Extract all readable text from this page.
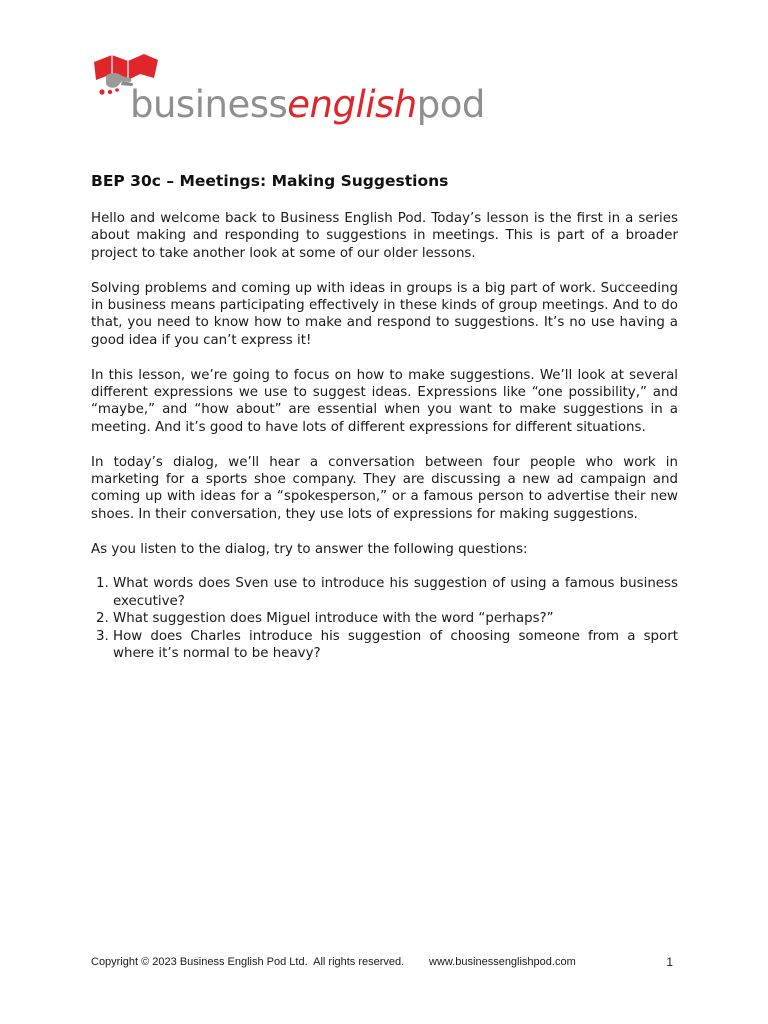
businessenglishpod
BEP 30c – Meetings: Making Suggestions

Hello and welcome back to Business English Pod. Today’s lesson is the first in a series about making and responding to suggestions in meetings. This is part of a broader project to take another look at some of our older lessons.

Solving problems and coming up with ideas in groups is a big part of work. Succeeding in business means participating effectively in these kinds of group meetings. And to do that, you need to know how to make and respond to suggestions. It’s no use having a good idea if you can’t express it!

In this lesson, we’re going to focus on how to make suggestions. We’ll look at several different expressions we use to suggest ideas. Expressions like “one possibility,” and “maybe,” and “how about” are essential when you want to make suggestions in a meeting. And it’s good to have lots of different expressions for different situations.

In today’s dialog, we’ll hear a conversation between four people who work in marketing for a sports shoe company. They are discussing a new ad campaign and coming up with ideas for a “spokesperson,” or a famous person to advertise their new shoes. In their conversation, they use lots of expressions for making suggestions.

As you listen to the dialog, try to answer the following questions:

1. What words does Sven use to introduce his suggestion of using a famous business executive?
2. What suggestion does Miguel introduce with the word “perhaps?”
3. How does Charles introduce his suggestion of choosing someone from a sport where it’s normal to be heavy?
Copyright © 2023 Business English Pod Ltd.  All rights reserved. www.businessenglishpod.com	1
